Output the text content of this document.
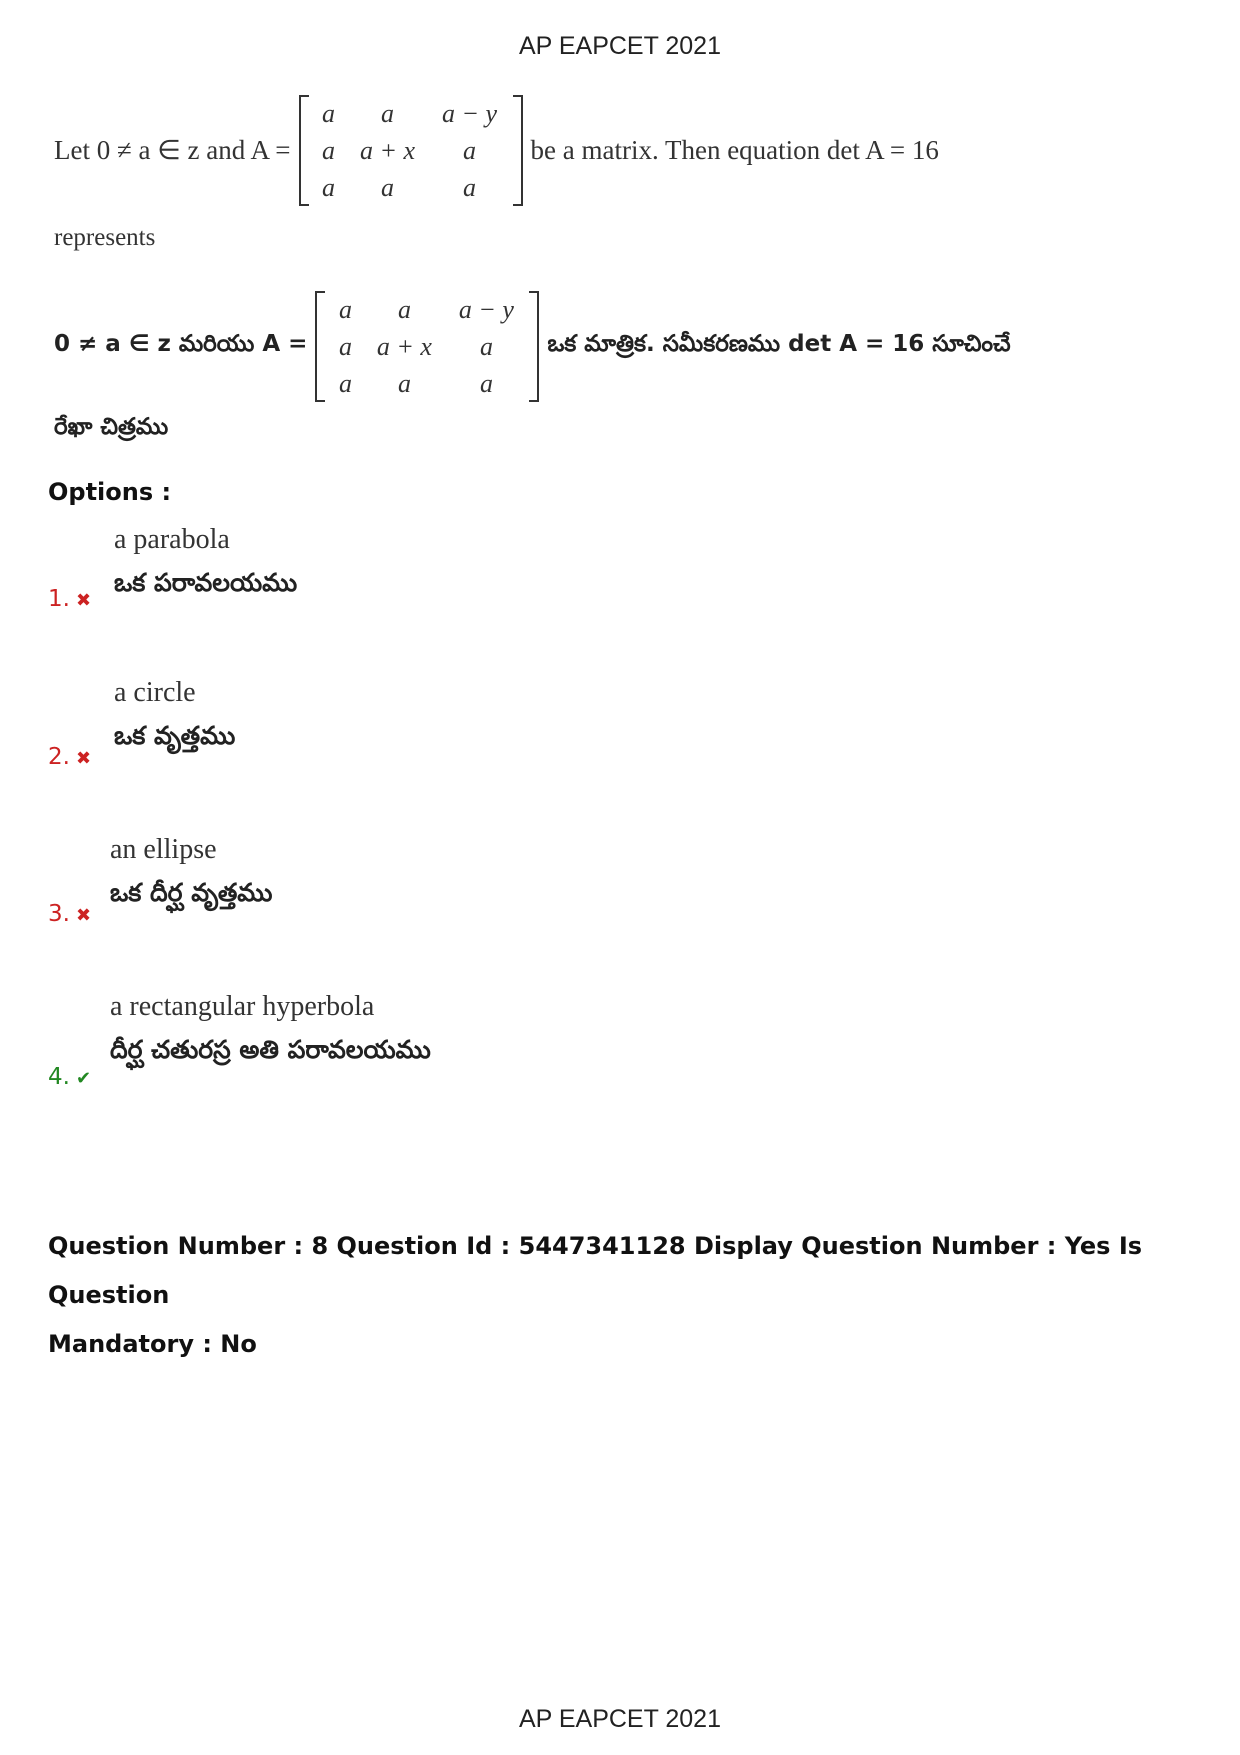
AP EAPCET 2021
Let 0 ≠ a ∈ z and A =
a a a − y
a a + x a
a a	a
be a matrix. Then equation det A = 16
represents
0 ≠ a ∈ z మరియు A =
a a a − y
a a + x a
a a	a
ఒక మాత్రిక. సమీకరణము det A = 16 సూచించే
రేఖా చిత్రము
Options :
a parabola
ఒక పరావలయము
1. ✖
a circle
ఒక వృత్తము
2. ✖
an ellipse
ఒక దీర్ఘ వృత్తము
3. ✖
a rectangular hyperbola
దీర్ఘ చతురస్ర అతి పరావలయము
4. ✔
Question Number : 8 Question Id : 5447341128 Display Question Number : Yes Is Question
Mandatory : No
AP EAPCET 2021
